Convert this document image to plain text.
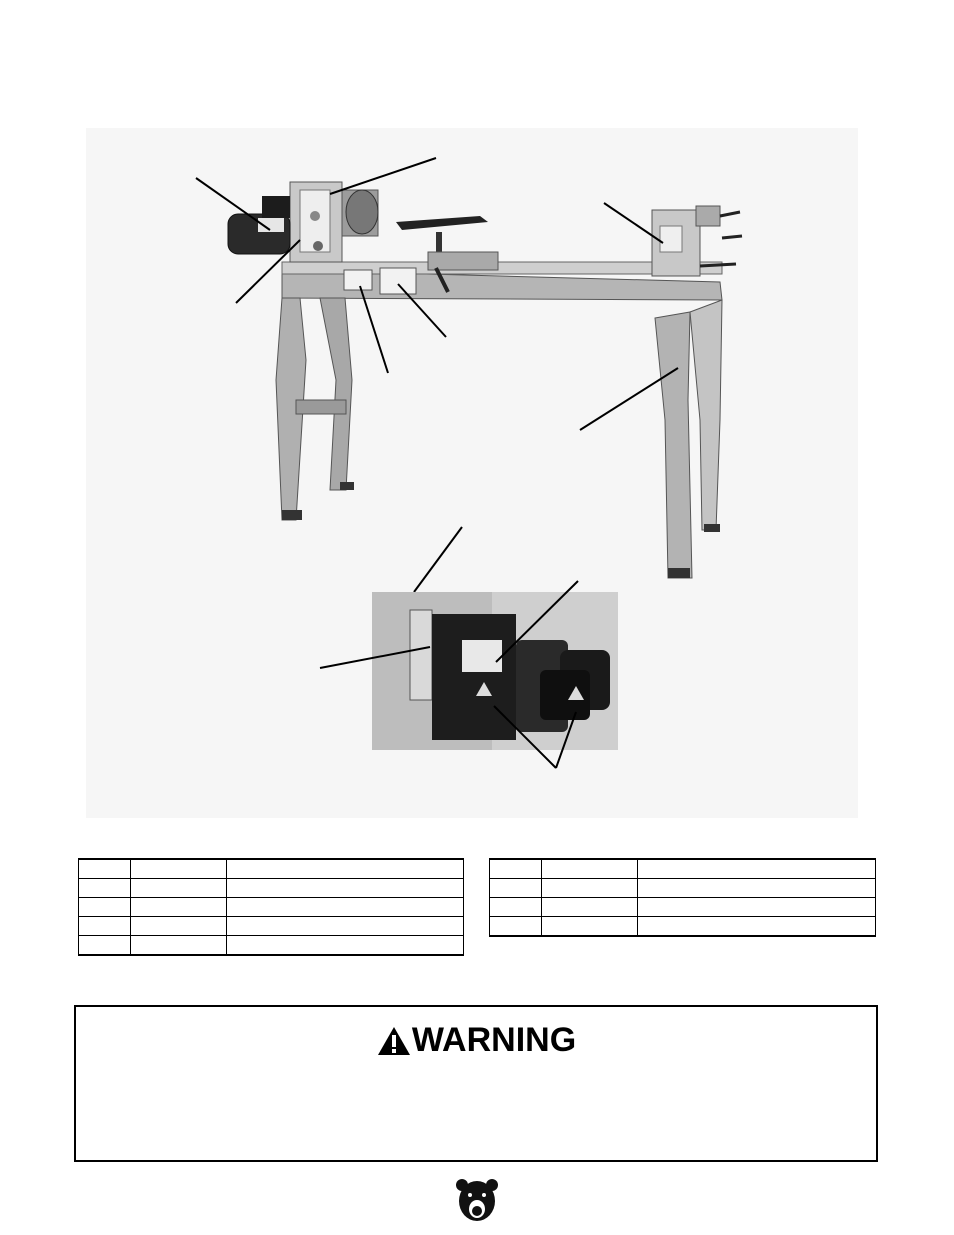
WARNING
